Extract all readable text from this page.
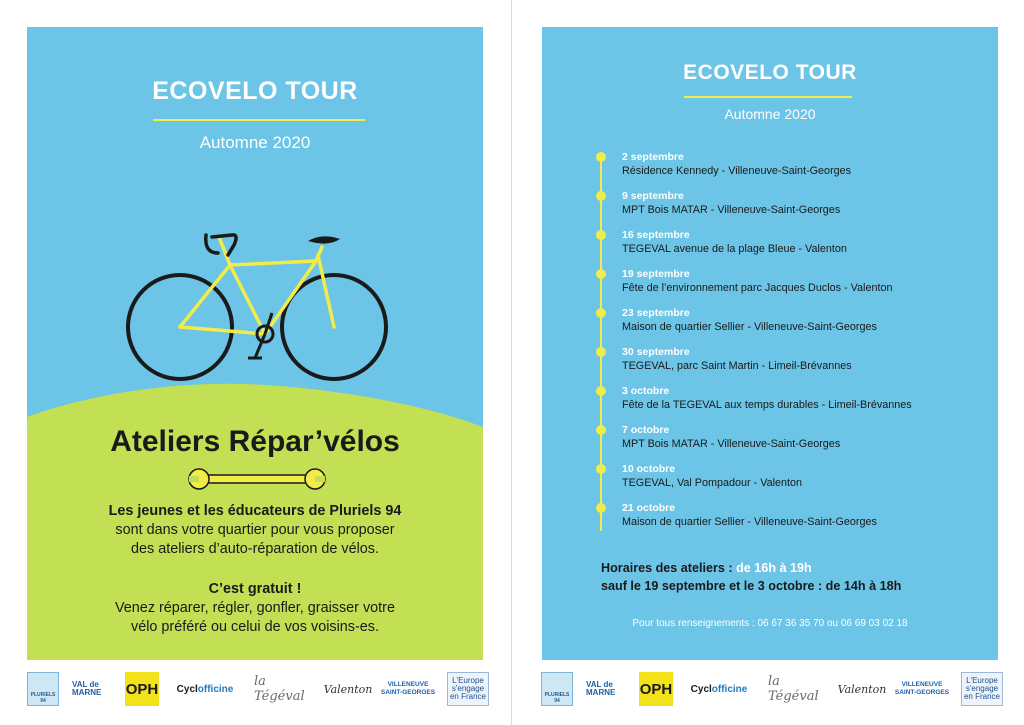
ECOVELO TOUR
Automne 2020
Ateliers Répar’vélos
Les jeunes et les éducateurs de Pluriels 94
sont dans votre quartier pour vous proposer
des ateliers d’auto-réparation de vélos.
C’est gratuit !
Venez réparer, régler, gonfler, graisser votre
vélo préféré ou celui de vos voisins-es.
PLURIELS 94
VAL de MARNE	OPH Cyclofficine la Tégéval	Valenton	VILLENEUVE
SAINT-GEORGES
L'Europe
s'engage
en France
ECOVELO TOUR
Automne 2020
2 septembre
Résidence Kennedy - Villeneuve-Saint-Georges
9 septembre
MPT Bois MATAR - Villeneuve-Saint-Georges
16 septembre
TEGEVAL avenue de la plage Bleue - Valenton
19 septembre
Fête de l’environnement parc Jacques Duclos - Valenton
23 septembre
Maison de quartier Sellier - Villeneuve-Saint-Georges
30 septembre
TEGEVAL, parc Saint Martin - Limeil-Brévannes
3 octobre
Fête de la TEGEVAL aux temps durables - Limeil-Brévannes
7 octobre
MPT Bois MATAR - Villeneuve-Saint-Georges
10 octobre
TEGEVAL, Val Pompadour - Valenton
21 octobre
Maison de quartier Sellier - Villeneuve-Saint-Georges
Horaires des ateliers : de 16h à 19h
sauf le 19 septembre et le 3 octobre : de 14h à 18h
Pour tous renseignements : 06 67 36 35 70 ou 06 69 03 02 18
PLURIELS 94
VAL de MARNE	OPH Cyclofficine la Tégéval	Valenton	VILLENEUVE
SAINT-GEORGES
L'Europe
s'engage
en France
